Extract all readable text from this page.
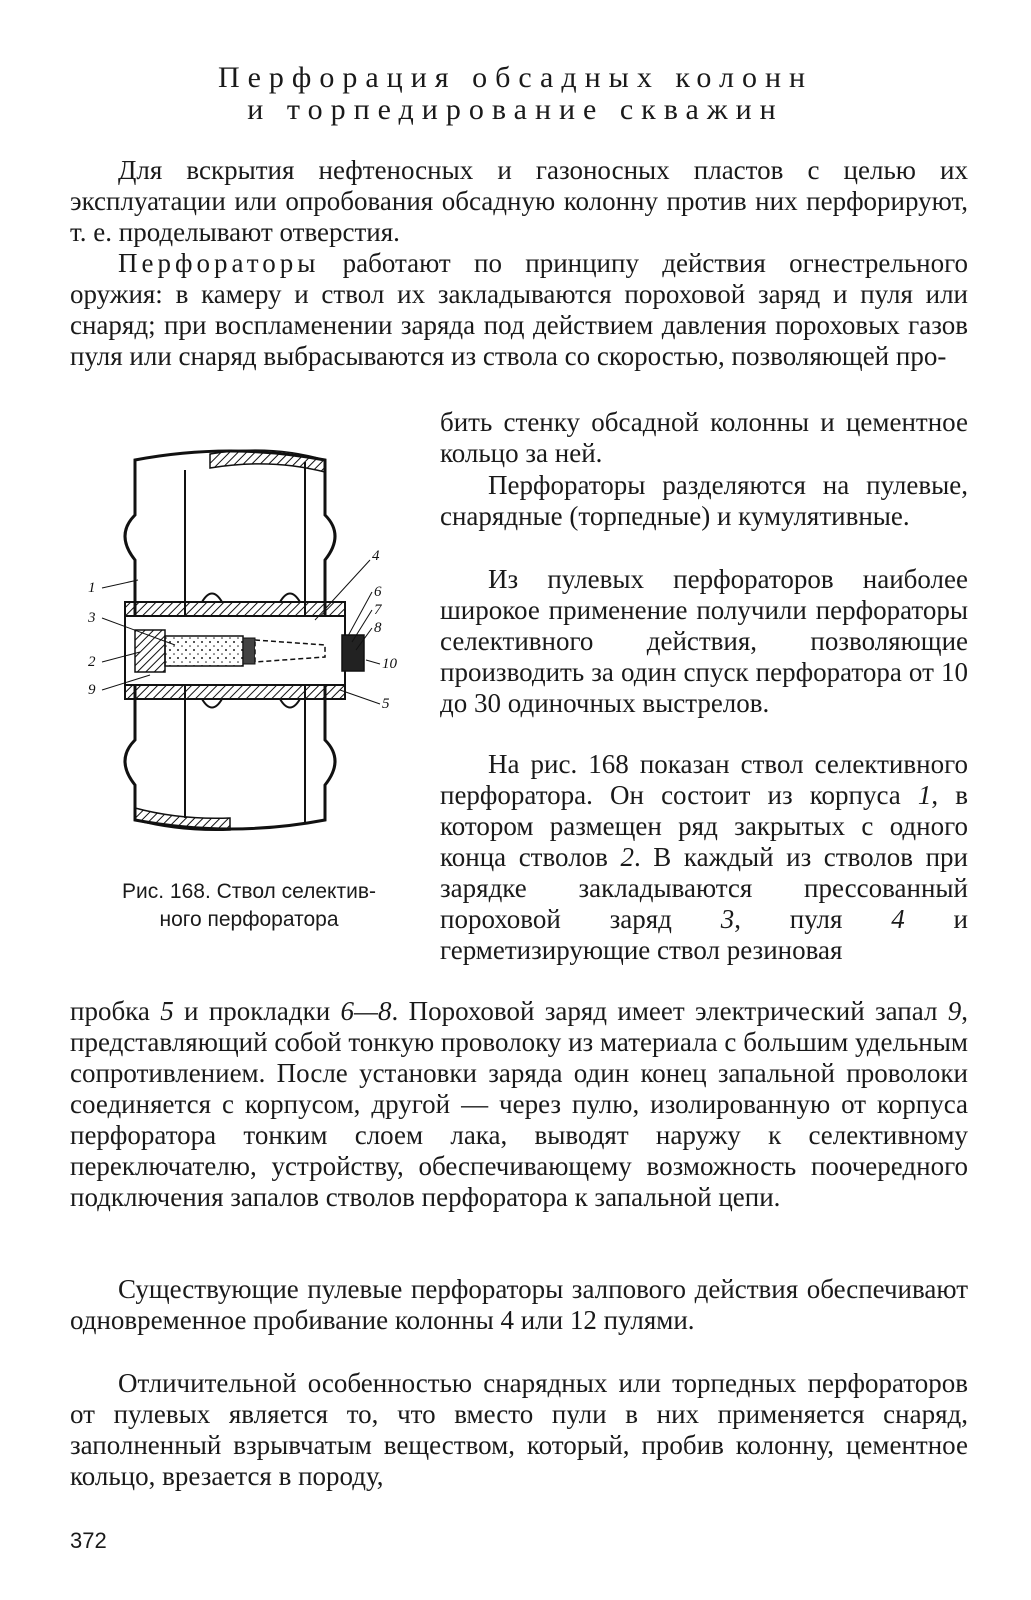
Перфорация обсадных колонн
и торпедирование скважин

Для вскрытия нефтеносных и газоносных пластов с целью их эксплуатации или опробования обсадную колонну против них перфорируют, т. е. проделывают отверстия.

Перфораторы работают по принципу действия огнестрельного оружия: в камеру и ствол их закладываются пороховой заряд и пуля или снаряд; при воспламенении заряда под действием давления пороховых газов пуля или снаряд выбрасываются из ствола со скоростью, позволяющей про-

бить стенку обсадной колонны и цементное кольцо за ней.

Перфораторы разделяются на пулевые, снарядные (торпедные) и кумулятивные.

Из пулевых перфораторов наиболее широкое применение получили перфораторы селективного действия, позволяющие производить за один спуск перфоратора от 10 до 30 одиночных выстрелов.

На рис. 168 показан ствол селективного перфоратора. Он состоит из корпуса 1, в котором размещен ряд закрытых с одного конца стволов 2. В каждый из стволов при зарядке закладываются прессованный пороховой заряд 3, пуля 4 и герметизирующие ствол резиновая

пробка 5 и прокладки 6—8. Пороховой заряд имеет электрический запал 9, представляющий собой тонкую проволоку из материала с большим удельным сопротивлением. После установки заряда один конец запальной проволоки соединяется с корпусом, другой — через пулю, изолированную от корпуса перфоратора тонким слоем лака, выводят наружу к селективному переключателю, устройству, обеспечивающему возможность поочередного подключения запалов стволов перфоратора к запальной цепи.

Существующие пулевые перфораторы залпового действия обеспечивают одновременное пробивание колонны 4 или 12 пулями.

Отличительной особенностью снарядных или торпедных перфораторов от пулевых является то, что вместо пули в них применяется снаряд, заполненный взрывчатым веществом, который, пробив колонну, цементное кольцо, врезается в породу,

1
3
2
9
4
6
7
8
10
5
Рис. 168. Ствол селектив-
ного перфоратора
372
